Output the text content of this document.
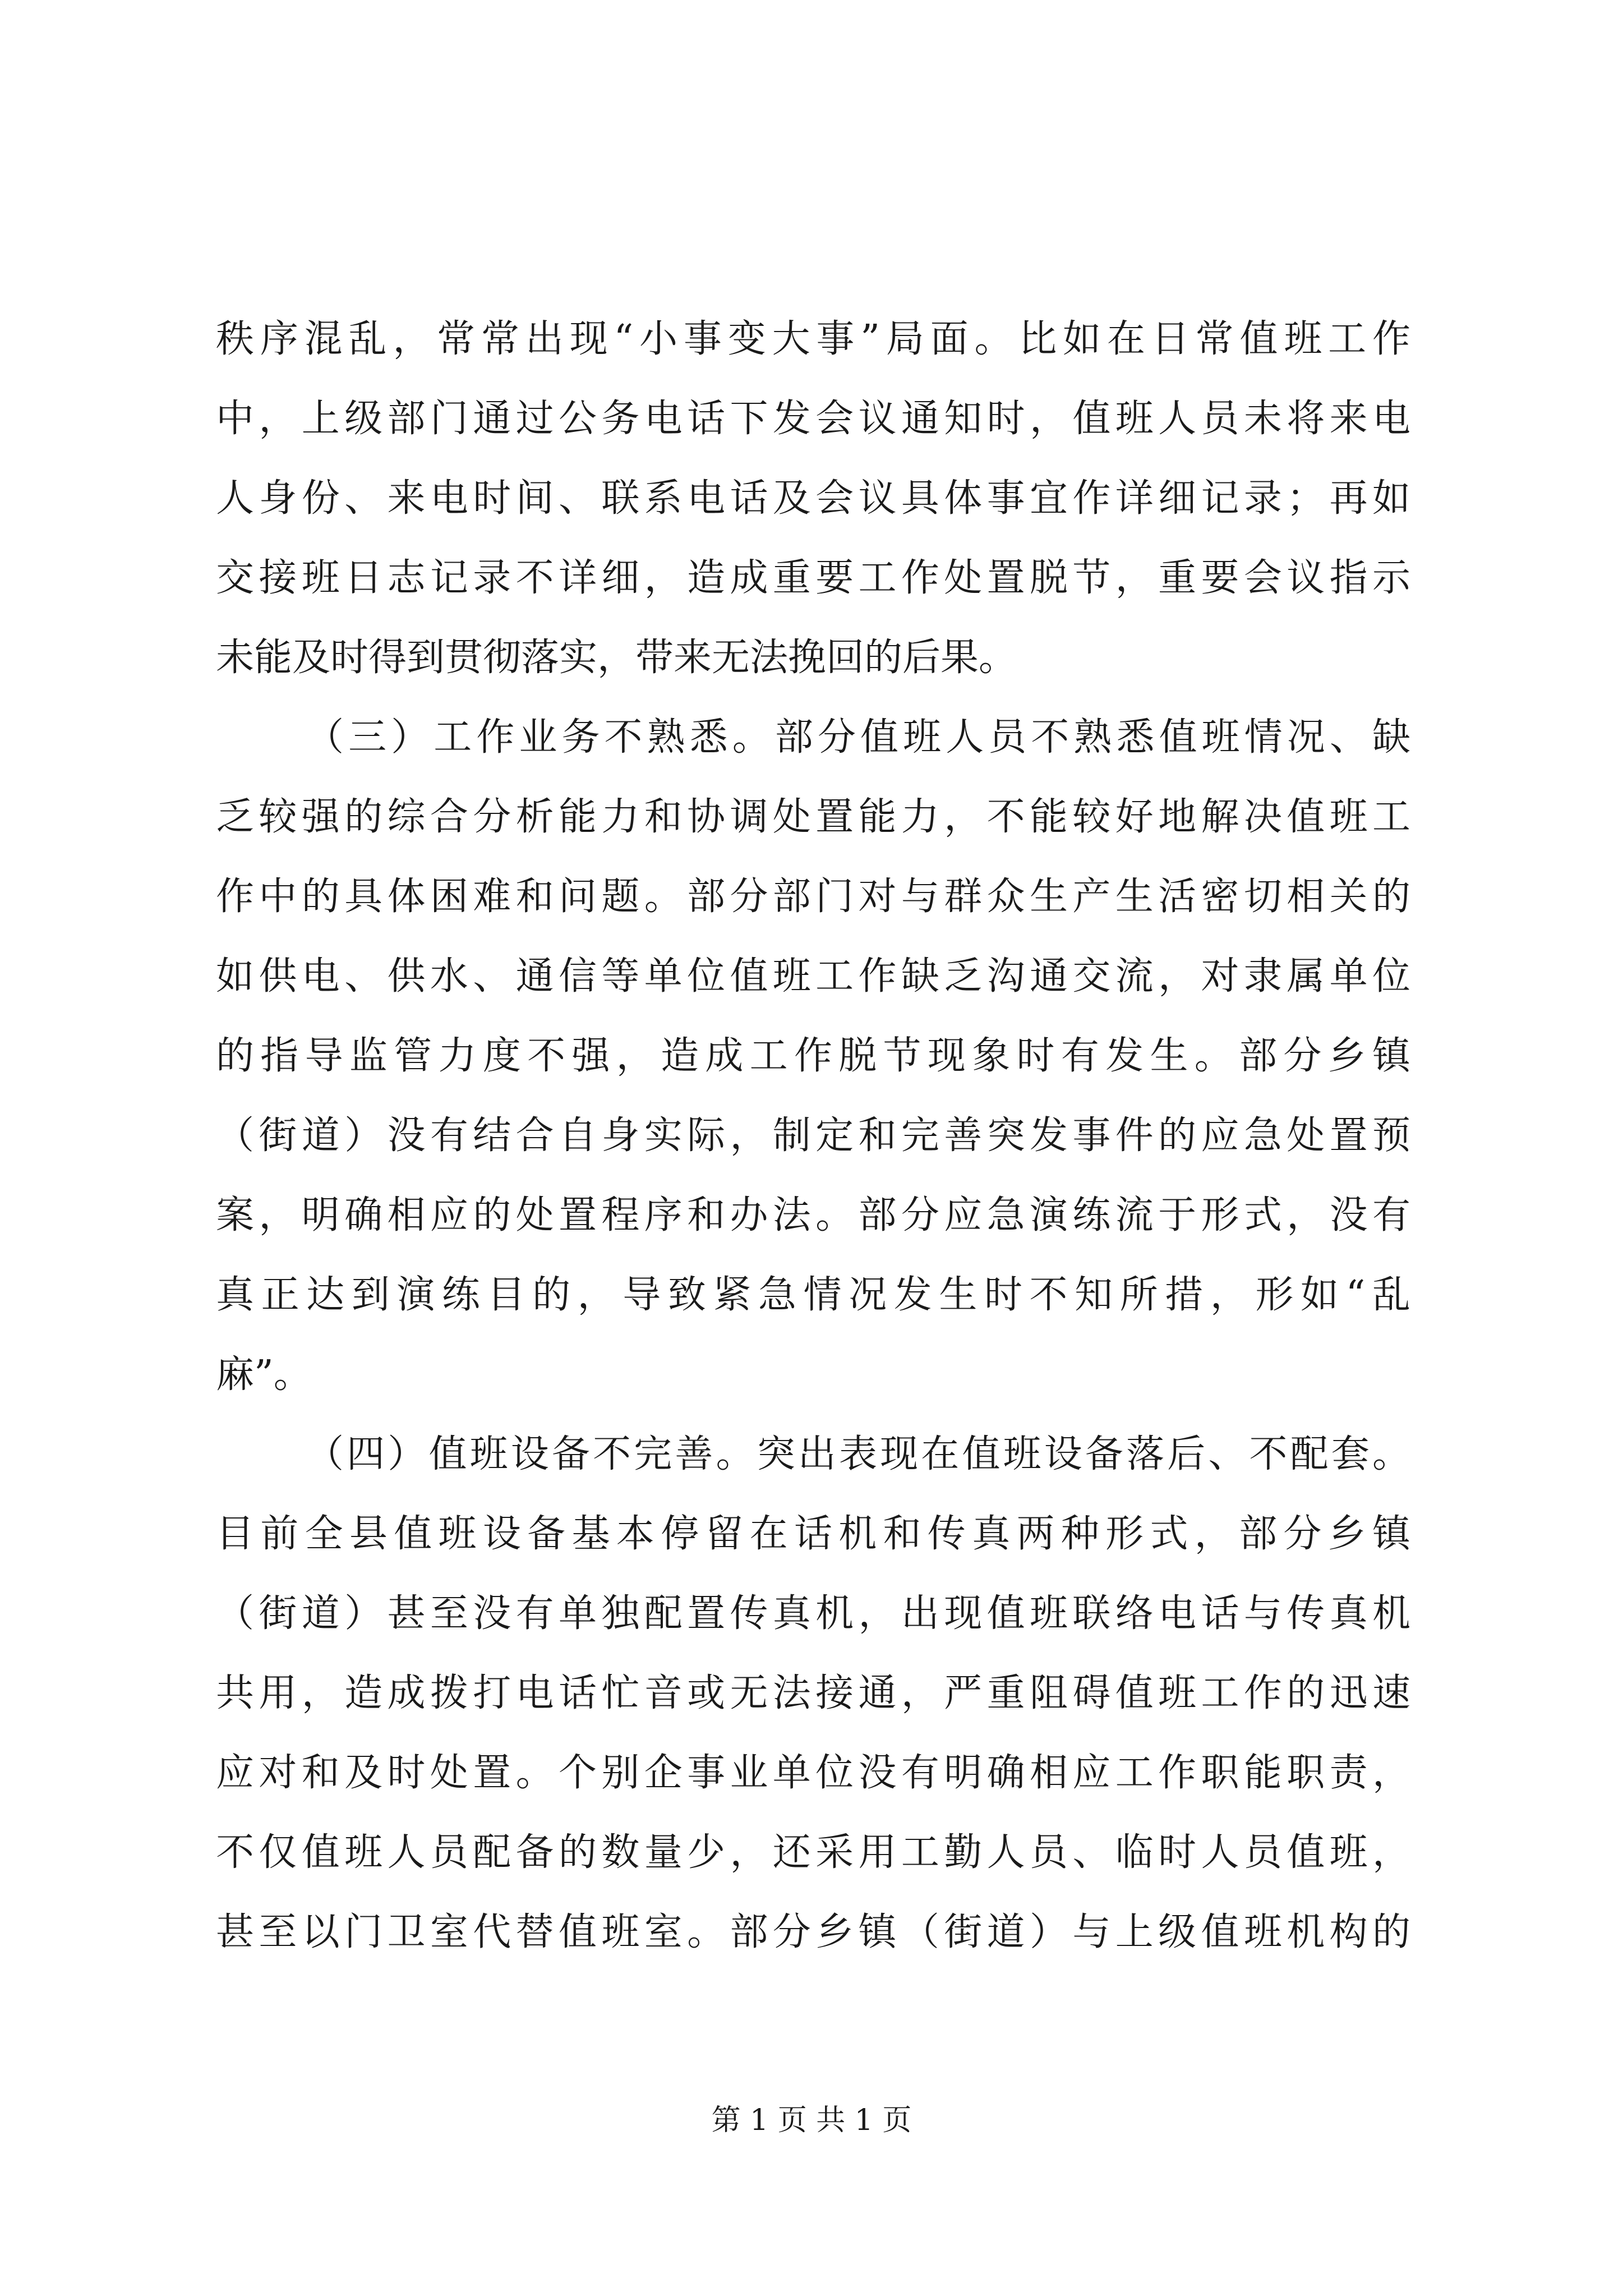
秩序混乱，常常出现“小事变大事”局面。比如在日常值班工作
中，上级部门通过公务电话下发会议通知时，值班人员未将来电
人身份、来电时间、联系电话及会议具体事宜作详细记录；再如
交接班日志记录不详细，造成重要工作处置脱节，重要会议指示
未能及时得到贯彻落实，带来无法挽回的后果。
（三）工作业务不熟悉。部分值班人员不熟悉值班情况、缺
乏较强的综合分析能力和协调处置能力，不能较好地解决值班工
作中的具体困难和问题。部分部门对与群众生产生活密切相关的
如供电、供水、通信等单位值班工作缺乏沟通交流，对隶属单位
的指导监管力度不强，造成工作脱节现象时有发生。部分乡镇
（街道）没有结合自身实际，制定和完善突发事件的应急处置预
案，明确相应的处置程序和办法。部分应急演练流于形式，没有
真正达到演练目的，导致紧急情况发生时不知所措，形如“乱
麻”。
（四）值班设备不完善。突出表现在值班设备落后、不配套。
目前全县值班设备基本停留在话机和传真两种形式，部分乡镇
（街道）甚至没有单独配置传真机，出现值班联络电话与传真机
共用，造成拨打电话忙音或无法接通，严重阻碍值班工作的迅速
应对和及时处置。个别企事业单位没有明确相应工作职能职责，
不仅值班人员配备的数量少，还采用工勤人员、临时人员值班，
甚至以门卫室代替值班室。部分乡镇（街道）与上级值班机构的
第 1 页 共 1 页
